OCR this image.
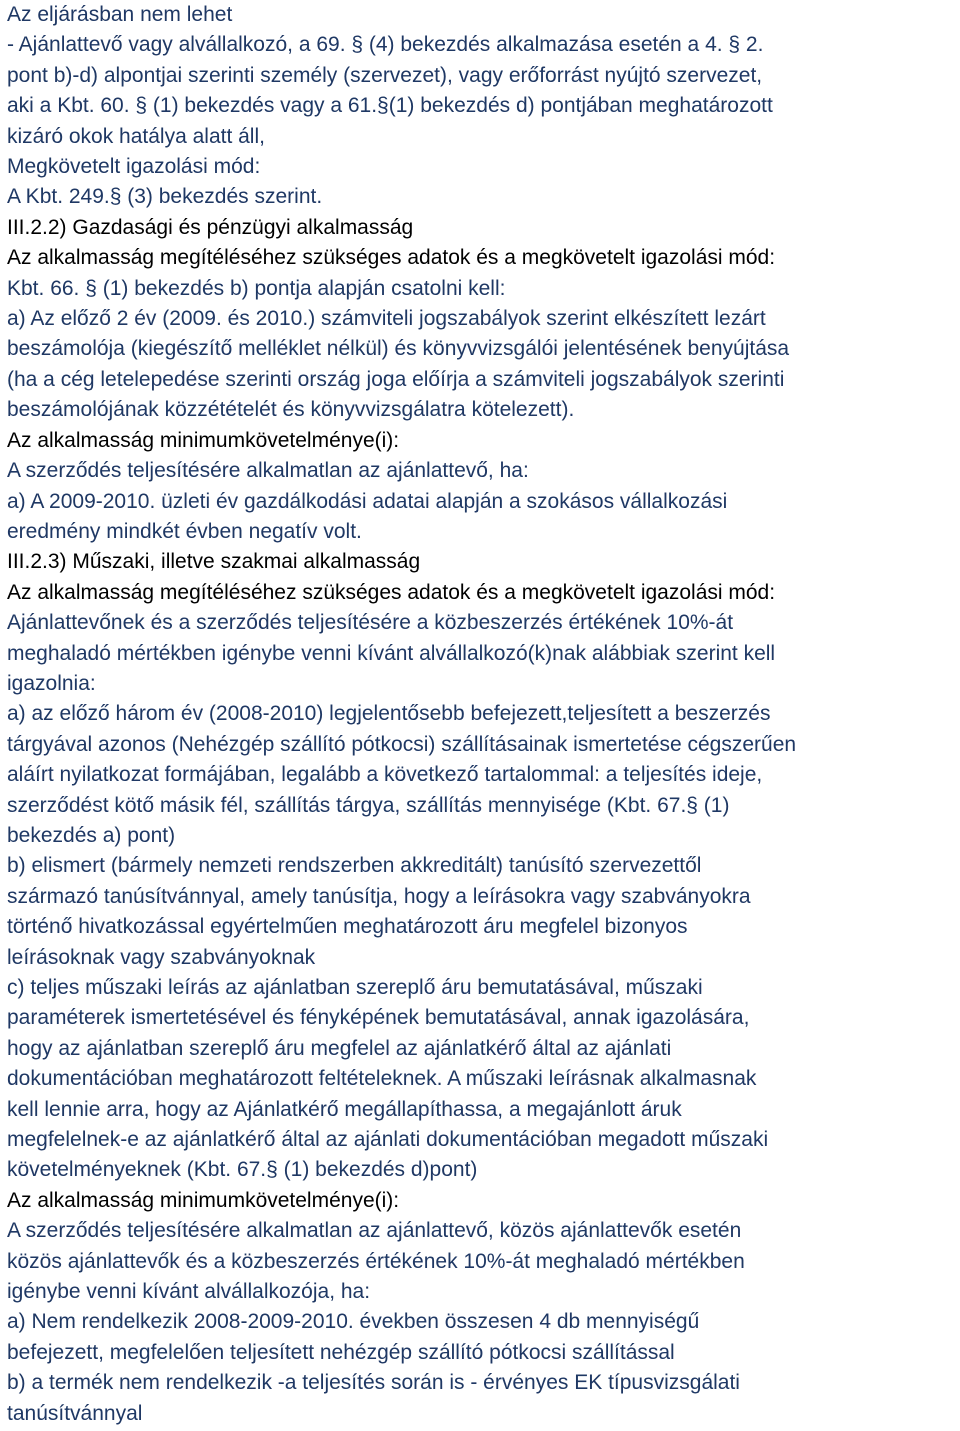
Az eljárásban nem lehet
- Ajánlattevő vagy alvállalkozó, a 69. § (4) bekezdés alkalmazása esetén a 4. § 2.
pont b)-d) alpontjai szerinti személy (szervezet), vagy erőforrást nyújtó szervezet,
aki a Kbt. 60. § (1) bekezdés vagy a 61.§(1) bekezdés d) pontjában meghatározott
kizáró okok hatálya alatt áll,
Megkövetelt igazolási mód:
A Kbt. 249.§ (3) bekezdés szerint.
III.2.2) Gazdasági és pénzügyi alkalmasság
Az alkalmasság megítéléséhez szükséges adatok és a megkövetelt igazolási mód:
Kbt. 66. § (1) bekezdés b) pontja alapján csatolni kell:
a) Az előző 2 év (2009. és 2010.) számviteli jogszabályok szerint elkészített lezárt
beszámolója (kiegészítő melléklet nélkül) és könyvvizsgálói jelentésének benyújtása
(ha a cég letelepedése szerinti ország joga előírja a számviteli jogszabályok szerinti
beszámolójának közzétételét és könyvvizsgálatra kötelezett).
Az alkalmasság minimumkövetelménye(i):
A szerződés teljesítésére alkalmatlan az ajánlattevő, ha:
a) A 2009-2010. üzleti év gazdálkodási adatai alapján a szokásos vállalkozási
eredmény mindkét évben negatív volt.
III.2.3) Műszaki, illetve szakmai alkalmasság
Az alkalmasság megítéléséhez szükséges adatok és a megkövetelt igazolási mód:
Ajánlattevőnek és a szerződés teljesítésére a közbeszerzés értékének 10%-át
meghaladó mértékben igénybe venni kívánt alvállalkozó(k)nak alábbiak szerint kell
igazolnia:
a) az előző három év (2008-2010) legjelentősebb befejezett,teljesített a beszerzés
tárgyával azonos (Nehézgép szállító pótkocsi) szállításainak ismertetése cégszerűen
aláírt nyilatkozat formájában, legalább a következő tartalommal: a teljesítés ideje,
szerződést kötő másik fél, szállítás tárgya, szállítás mennyisége (Kbt. 67.§ (1)
bekezdés a) pont)
b) elismert (bármely nemzeti rendszerben akkreditált) tanúsító szervezettől
származó tanúsítvánnyal, amely tanúsítja, hogy a leírásokra vagy szabványokra
történő hivatkozással egyértelműen meghatározott áru megfelel bizonyos
leírásoknak vagy szabványoknak
c) teljes műszaki leírás az ajánlatban szereplő áru bemutatásával, műszaki
paraméterek ismertetésével és fényképének bemutatásával, annak igazolására,
hogy az ajánlatban szereplő áru megfelel az ajánlatkérő által az ajánlati
dokumentációban meghatározott feltételeknek. A műszaki leírásnak alkalmasnak
kell lennie arra, hogy az Ajánlatkérő megállapíthassa, a megajánlott áruk
megfelelnek-e az ajánlatkérő által az ajánlati dokumentációban megadott műszaki
követelményeknek (Kbt. 67.§ (1) bekezdés d)pont)
Az alkalmasság minimumkövetelménye(i):
A szerződés teljesítésére alkalmatlan az ajánlattevő, közös ajánlattevők esetén
közös ajánlattevők és a közbeszerzés értékének 10%-át meghaladó mértékben
igénybe venni kívánt alvállalkozója, ha:
a) Nem rendelkezik 2008-2009-2010. években összesen 4 db mennyiségű
befejezett, megfelelően teljesített nehézgép szállító pótkocsi szállítással
b) a termék nem rendelkezik -a teljesítés során is - érvényes EK típusvizsgálati
tanúsítvánnyal
